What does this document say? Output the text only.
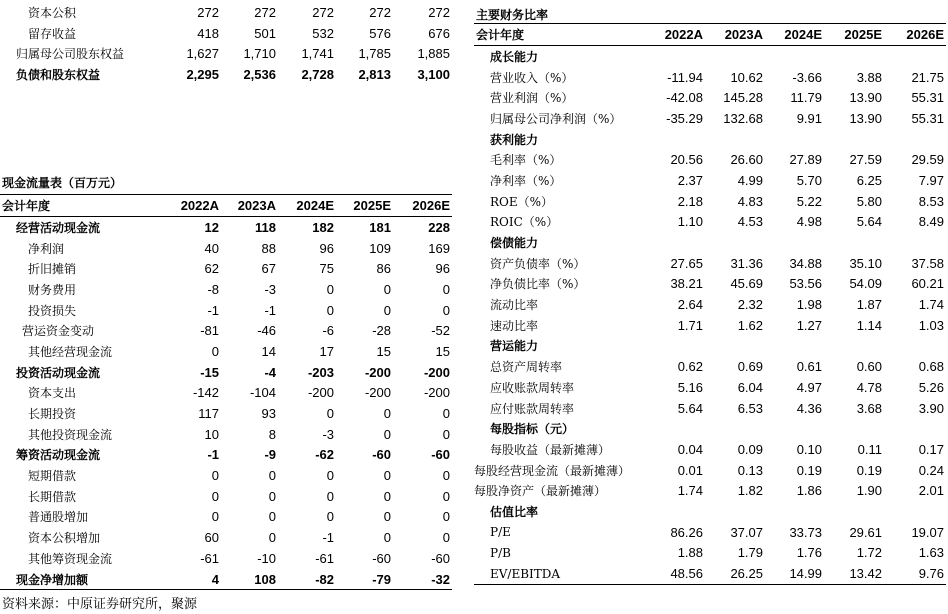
资本公积	272	272	272	272	272
留存收益	418	501	532	576	676
归属母公司股东权益	1,627	1,710	1,741	1,785	1,885
负债和股东权益	2,295	2,536	2,728	2,813	3,100
现金流量表（百万元）
会计年度	2022A	2023A	2024E	2025E	2026E
经营活动现金流	12	118	182	181	228
净利润	40	88	96	109	169
折旧摊销	62	67	75	86	96
财务费用	-8	-3	0	0	0
投资损失	-1	-1	0	0	0
营运资金变动	-81	-46	-6	-28	-52
其他经营现金流	0	14	17	15	15
投资活动现金流	-15	-4	-203	-200	-200
资本支出	-142	-104	-200	-200	-200
长期投资	117	93	0	0	0
其他投资现金流	10	8	-3	0	0
筹资活动现金流	-1	-9	-62	-60	-60
短期借款	0	0	0	0	0
长期借款	0	0	0	0	0
普通股增加	0	0	0	0	0
资本公积增加	60	0	-1	0	0
其他筹资现金流	-61	-10	-61	-60	-60
现金净增加额	4	108	-82	-79	-32
主要财务比率
会计年度	2022A	2023A	2024E	2025E	2026E
成长能力					
营业收入（%）	-11.94	10.62	-3.66	3.88	21.75
营业利润（%）	-42.08	145.28	11.79	13.90	55.31
归属母公司净利润（%）	-35.29	132.68	9.91	13.90	55.31
获利能力					
毛利率（%）	20.56	26.60	27.89	27.59	29.59
净利率（%）	2.37	4.99	5.70	6.25	7.97
ROE（%）	2.18	4.83	5.22	5.80	8.53
ROIC（%）	1.10	4.53	4.98	5.64	8.49
偿债能力					
资产负债率（%）	27.65	31.36	34.88	35.10	37.58
净负债比率（%）	38.21	45.69	53.56	54.09	60.21
流动比率	2.64	2.32	1.98	1.87	1.74
速动比率	1.71	1.62	1.27	1.14	1.03
营运能力					
总资产周转率	0.62	0.69	0.61	0.60	0.68
应收账款周转率	5.16	6.04	4.97	4.78	5.26
应付账款周转率	5.64	6.53	4.36	3.68	3.90
每股指标（元）					
每股收益（最新摊薄）	0.04	0.09	0.10	0.11	0.17
每股经营现金流（最新摊薄）	0.01	0.13	0.19	0.19	0.24
每股净资产（最新摊薄）	1.74	1.82	1.86	1.90	2.01
估值比率					
P/E	86.26	37.07	33.73	29.61	19.07
P/B	1.88	1.79	1.76	1.72	1.63
EV/EBITDA	48.56	26.25	14.99	13.42	9.76
资料来源：中原证券研究所，聚源
